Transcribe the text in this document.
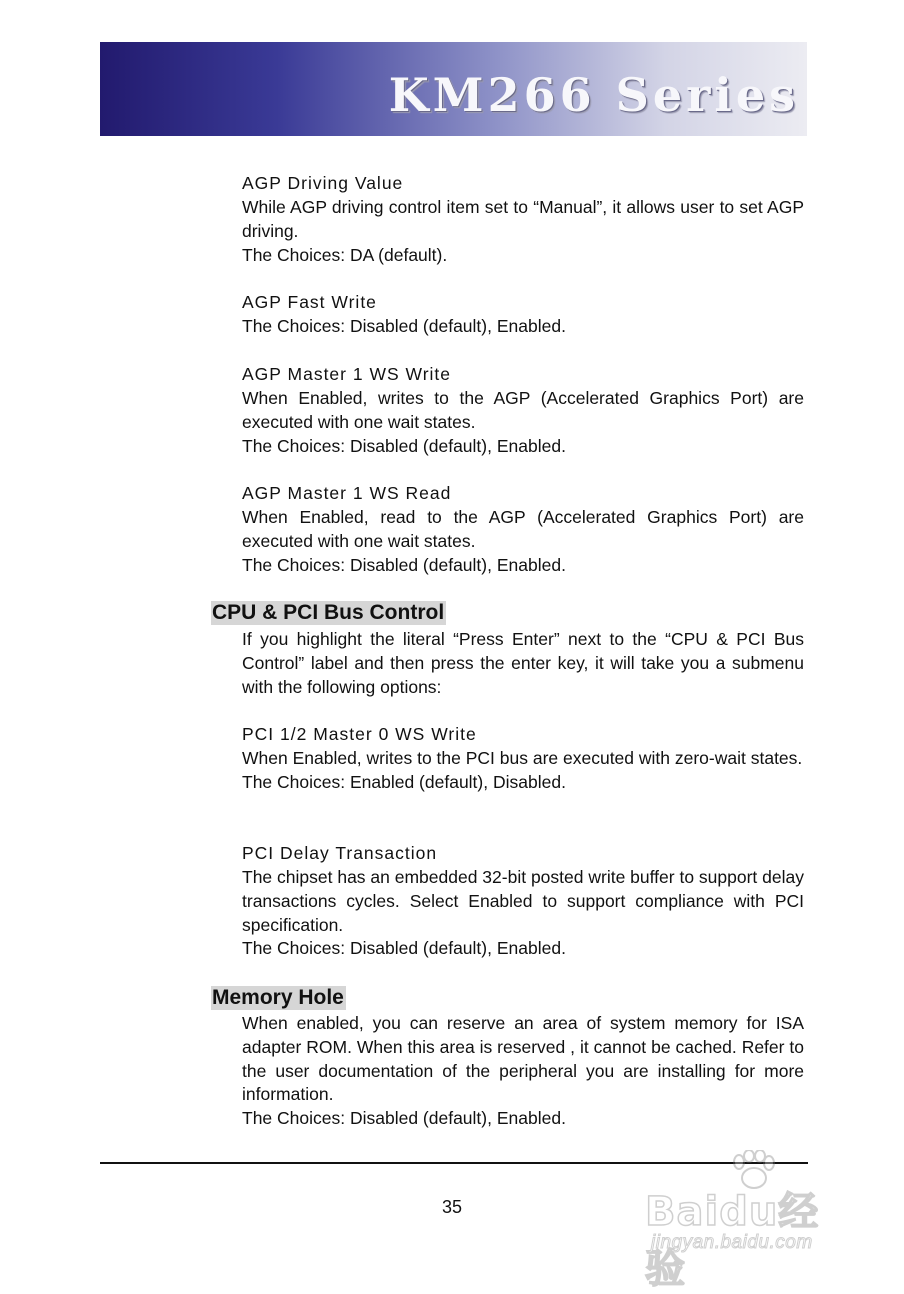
KM266 Series
AGP Driving Value

While AGP driving control item set to “Manual”, it allows user to set AGP driving.

The Choices: DA (default).

AGP Fast Write

The Choices: Disabled (default), Enabled.

AGP Master 1 WS Write

When Enabled, writes to the AGP (Accelerated Graphics Port) are executed with one wait states.

The Choices: Disabled (default), Enabled.

AGP Master 1 WS Read

When Enabled, read to the AGP (Accelerated Graphics Port) are executed with one wait states.

The Choices: Disabled (default), Enabled.

CPU & PCI Bus Control

If you highlight the literal “Press Enter” next to the “CPU & PCI Bus Control” label and then press the enter key, it will take you a submenu with the following options:

PCI 1/2 Master 0 WS Write

When Enabled, writes to the PCI bus are executed with zero-wait states.

The Choices: Enabled (default), Disabled.

PCI Delay Transaction

The chipset has an embedded 32-bit posted write buffer to support delay transactions cycles. Select Enabled to support compliance with PCI specification.

The Choices: Disabled (default), Enabled.

Memory Hole

When enabled, you can reserve an area of system memory for ISA adapter ROM. When this area is reserved , it cannot be cached. Refer to the user documentation of the peripheral you are installing for more information.

The Choices: Disabled (default), Enabled.

35	Baidu经验
jingyan.baidu.com
